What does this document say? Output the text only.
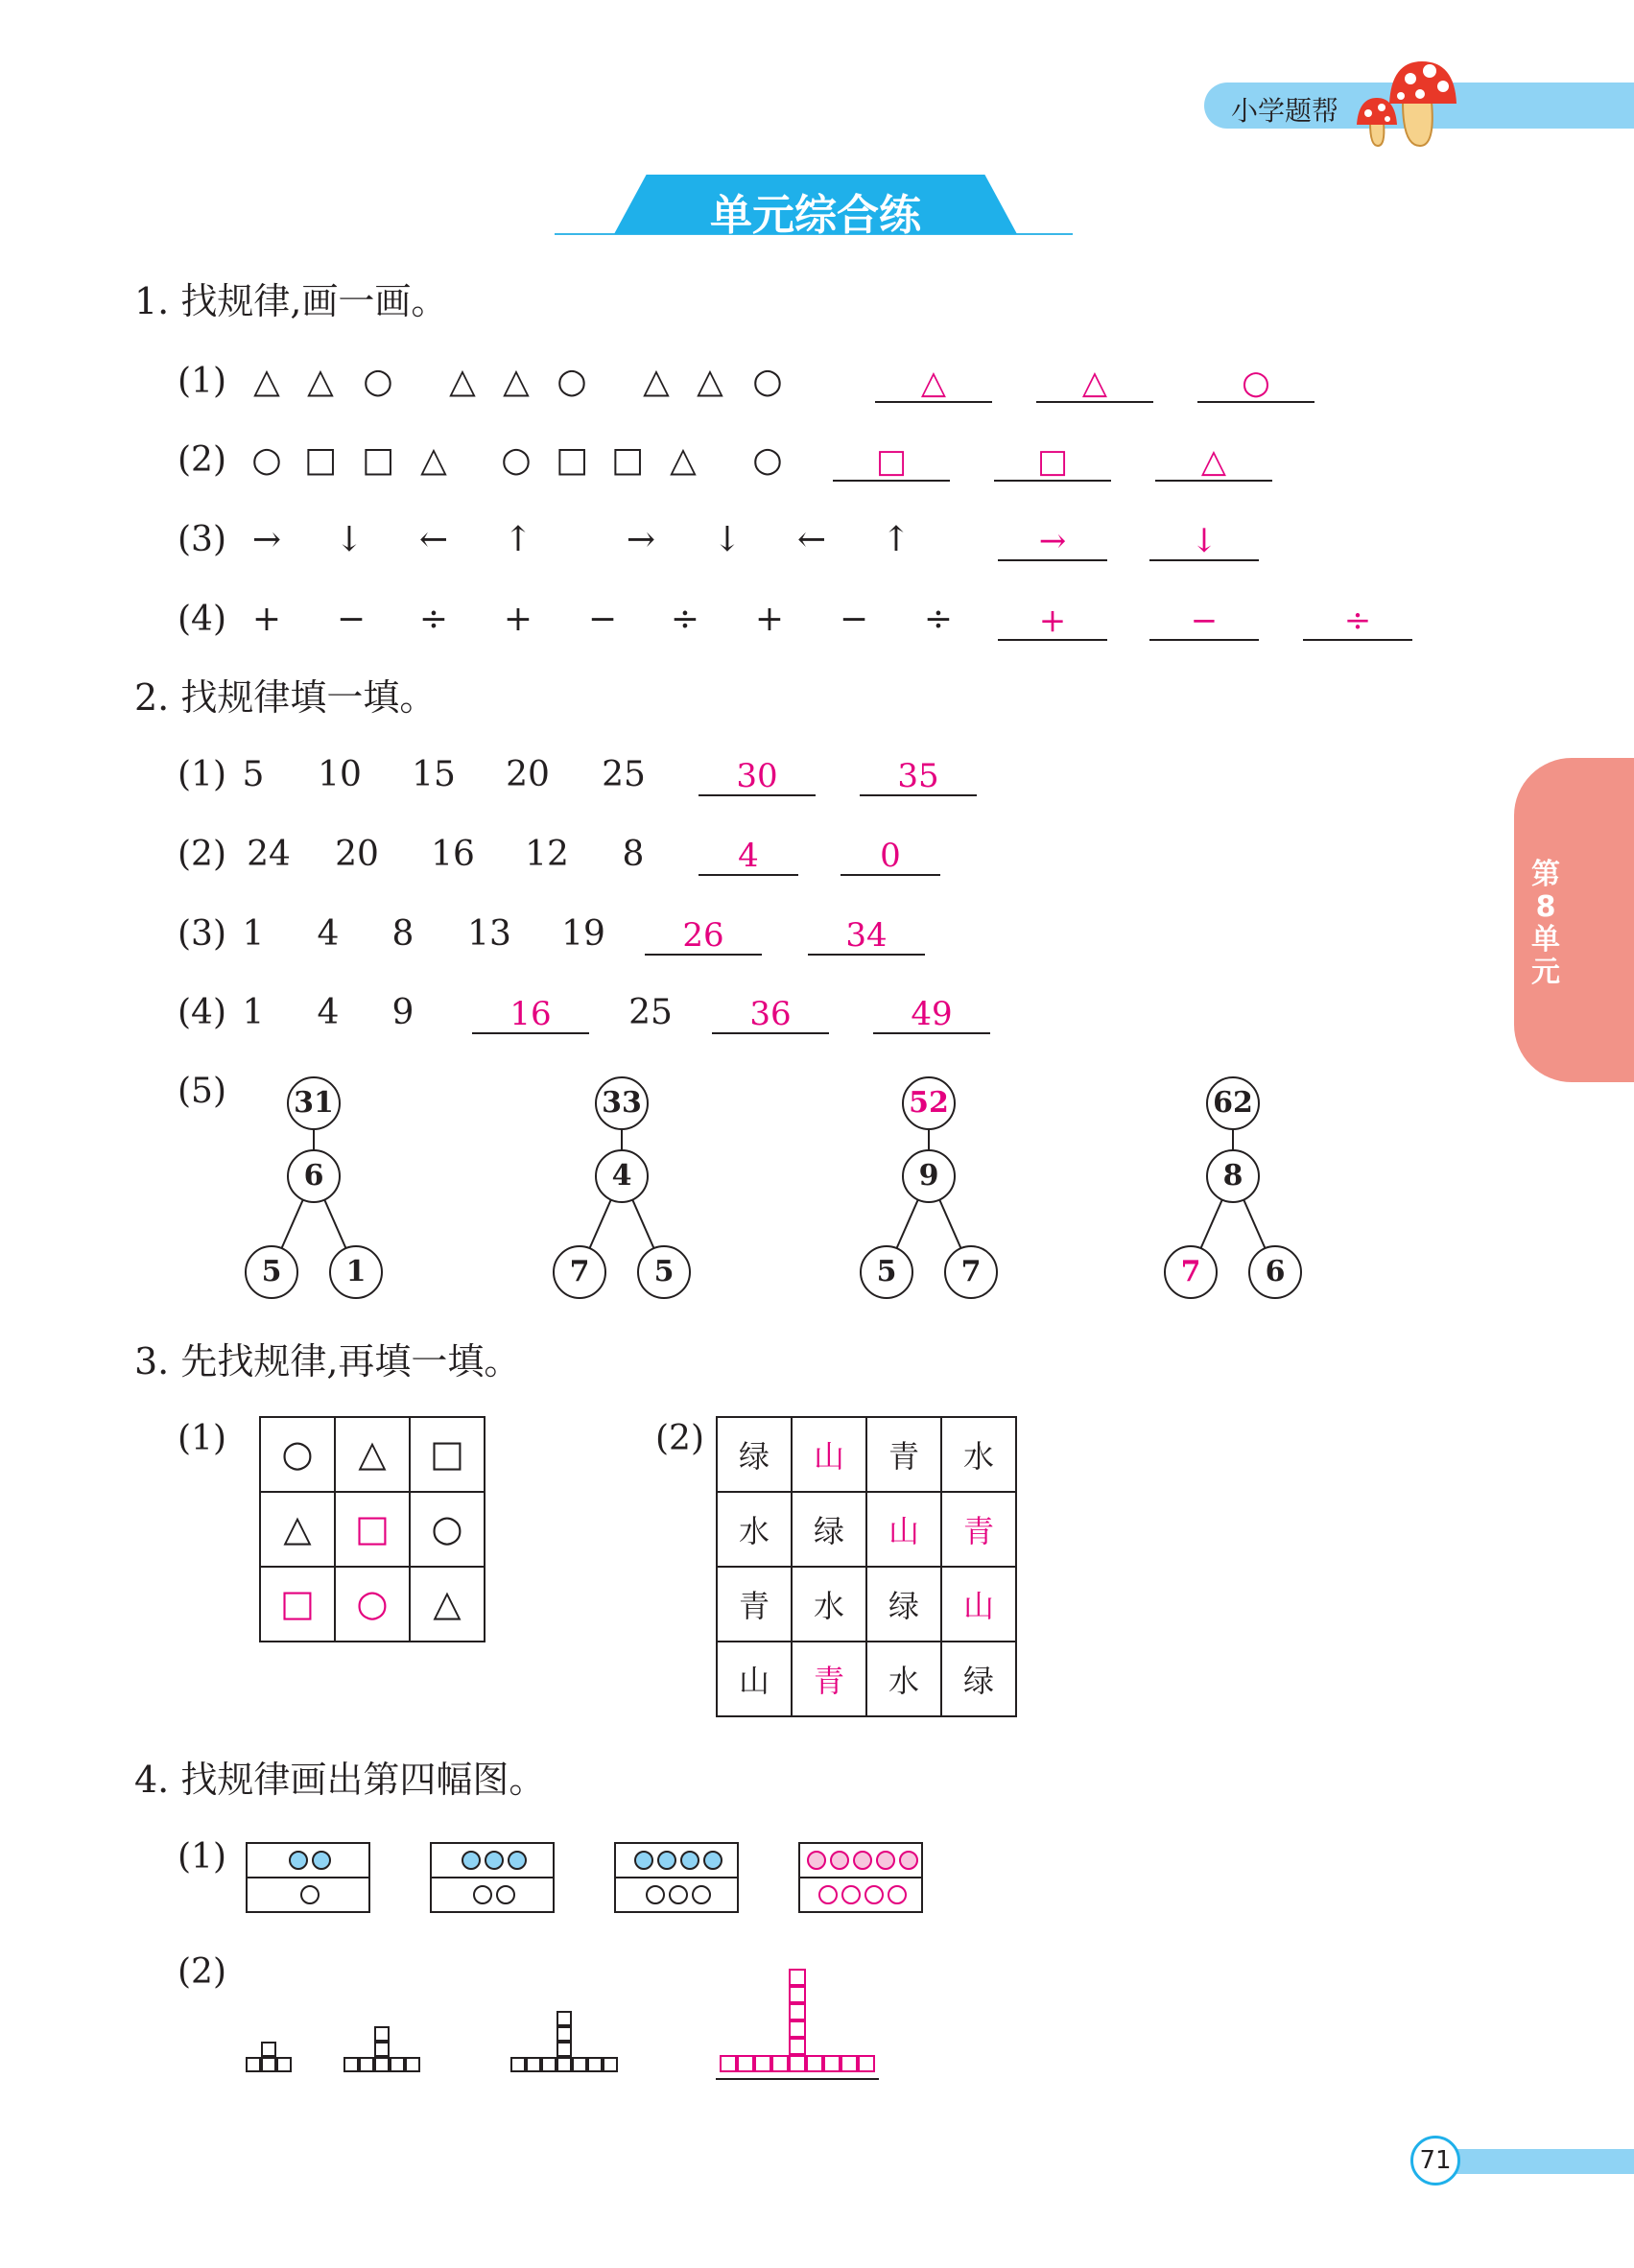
小学题帮
单元综合练
第8单元
1. 找规律,画一画。
(1) △ △ ○ △ △ ○ △ △ ○	△	△	○
(2) ○ □ □ △ ○ □ □ △ ○	□	□	△
(3) → ↓ ← ↑	→ ↓ ← ↑	→	↓
(4) + − ÷ + − ÷ + − ÷	+	−	÷
2. 找规律填一填。
(1) 5 10 15 20 25	30	35
(2) 24 20 16 12 8	4	0
(3) 1 4 8 13 19	26	34
(4) 1 4 9	25
16	36	49
(5) 31
6
5	1
33
4
7	5
52
9
5	7
62
8
7	6
3. 先找规律,再填一填。
(1) ○	△	□
△	□	○
□	○	△
(2) 绿	山	青	水
水	绿	山	青
青	水	绿	山
山	青	水	绿
4. 找规律画出第四幅图。
(1)
(2)
71
